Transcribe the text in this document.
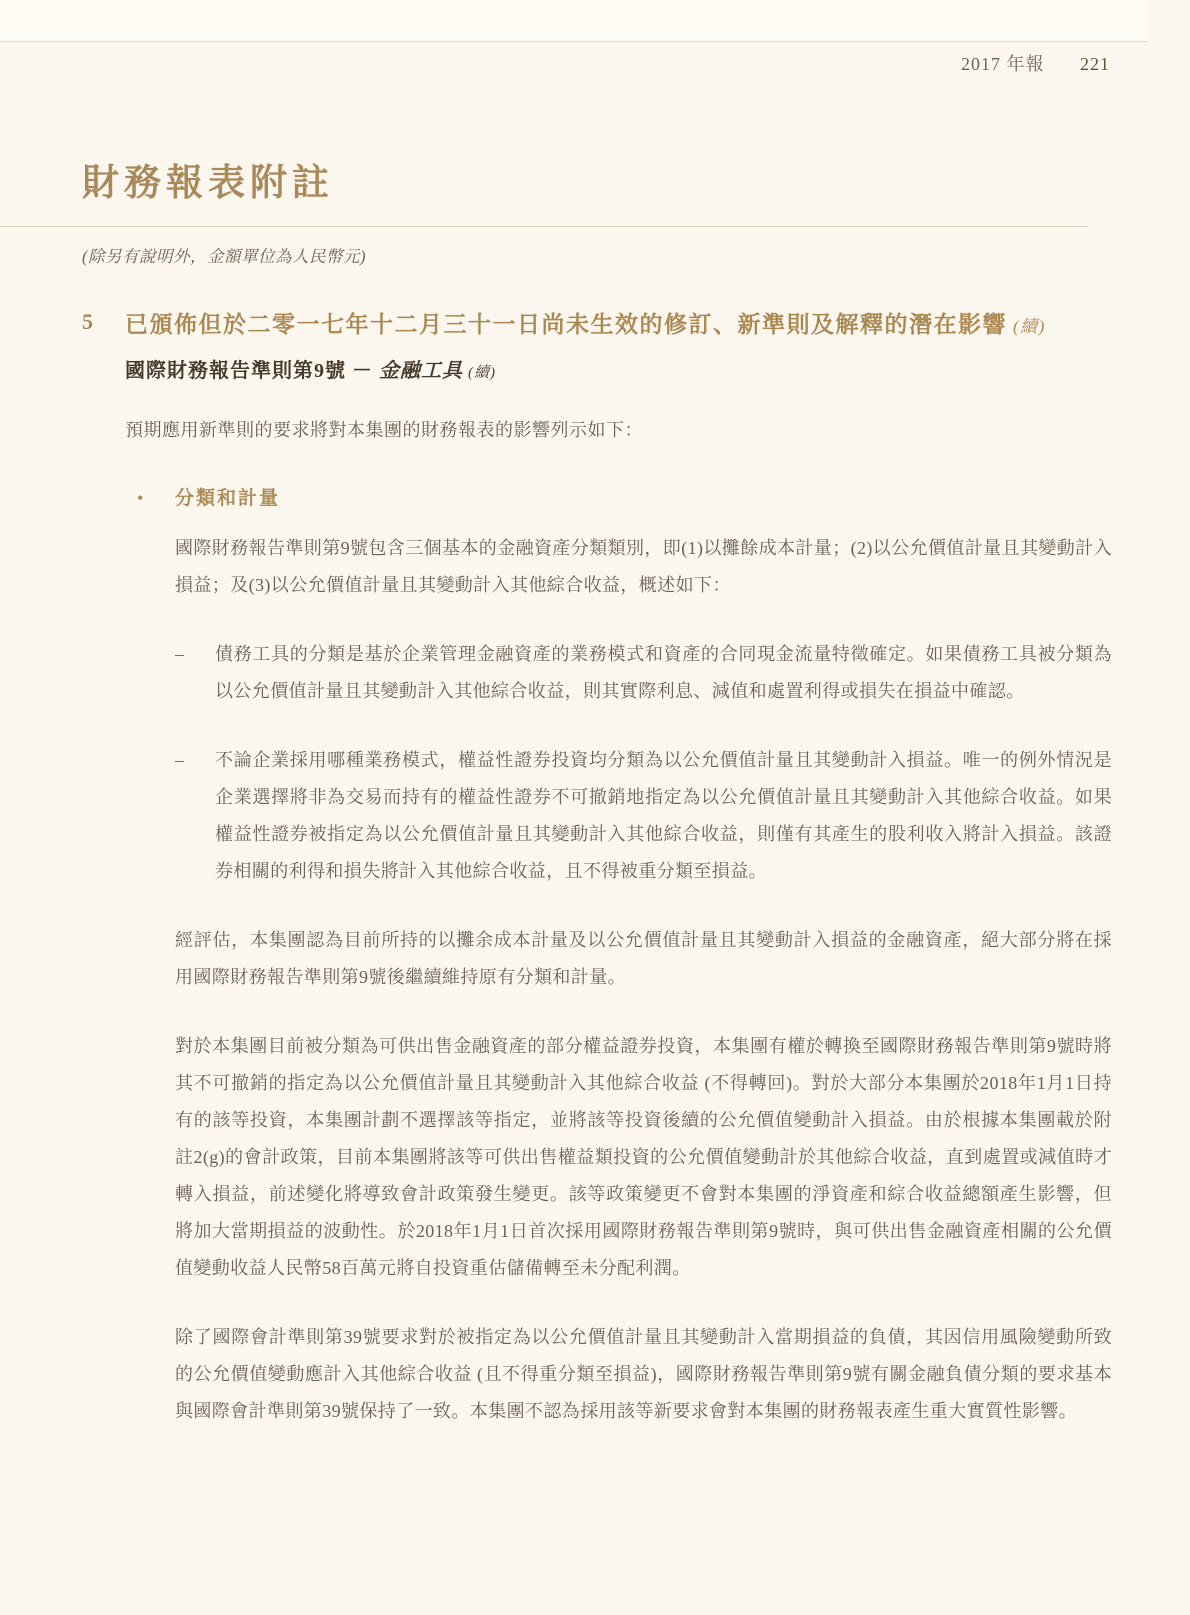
2017 年報 221
財務報表附註
(除另有說明外，金額單位為人民幣元)
5	已頒佈但於二零一七年十二月三十一日尚未生效的修訂、新準則及解釋的潛在影響 (續)
國際財務報告準則第9號 － 金融工具 (續)

預期應用新準則的要求將對本集團的財務報表的影響列示如下：

•	分類和計量

國際財務報告準則第9號包含三個基本的金融資產分類類別，即(1)以攤餘成本計量；(2)以公允價值計量且其變動計入損益；及(3)以公允價值計量且其變動計入其他綜合收益，概述如下：

– 債務工具的分類是基於企業管理金融資產的業務模式和資產的合同現金流量特徵確定。如果債務工具被分類為以公允價值計量且其變動計入其他綜合收益，則其實際利息、減值和處置利得或損失在損益中確認。

– 不論企業採用哪種業務模式，權益性證券投資均分類為以公允價值計量且其變動計入損益。唯一的例外情況是企業選擇將非為交易而持有的權益性證券不可撤銷地指定為以公允價值計量且其變動計入其他綜合收益。如果權益性證券被指定為以公允價值計量且其變動計入其他綜合收益，則僅有其產生的股利收入將計入損益。該證券相關的利得和損失將計入其他綜合收益，且不得被重分類至損益。

經評估，本集團認為目前所持的以攤余成本計量及以公允價值計量且其變動計入損益的金融資產，絕大部分將在採用國際財務報告準則第9號後繼續維持原有分類和計量。

對於本集團目前被分類為可供出售金融資產的部分權益證券投資，本集團有權於轉換至國際財務報告準則第9號時將其不可撤銷的指定為以公允價值計量且其變動計入其他綜合收益 (不得轉回)。對於大部分本集團於2018年1月1日持有的該等投資，本集團計劃不選擇該等指定，並將該等投資後續的公允價值變動計入損益。由於根據本集團載於附註2(g)的會計政策，目前本集團將該等可供出售權益類投資的公允價值變動計於其他綜合收益，直到處置或減值時才轉入損益，前述變化將導致會計政策發生變更。該等政策變更不會對本集團的淨資產和綜合收益總額產生影響，但將加大當期損益的波動性。於2018年1月1日首次採用國際財務報告準則第9號時，與可供出售金融資產相關的公允價值變動收益人民幣58百萬元將自投資重估儲備轉至未分配利潤。

除了國際會計準則第39號要求對於被指定為以公允價值計量且其變動計入當期損益的負債，其因信用風險變動所致的公允價值變動應計入其他綜合收益 (且不得重分類至損益)，國際財務報告準則第9號有關金融負債分類的要求基本與國際會計準則第39號保持了一致。本集團不認為採用該等新要求會對本集團的財務報表產生重大實質性影響。
